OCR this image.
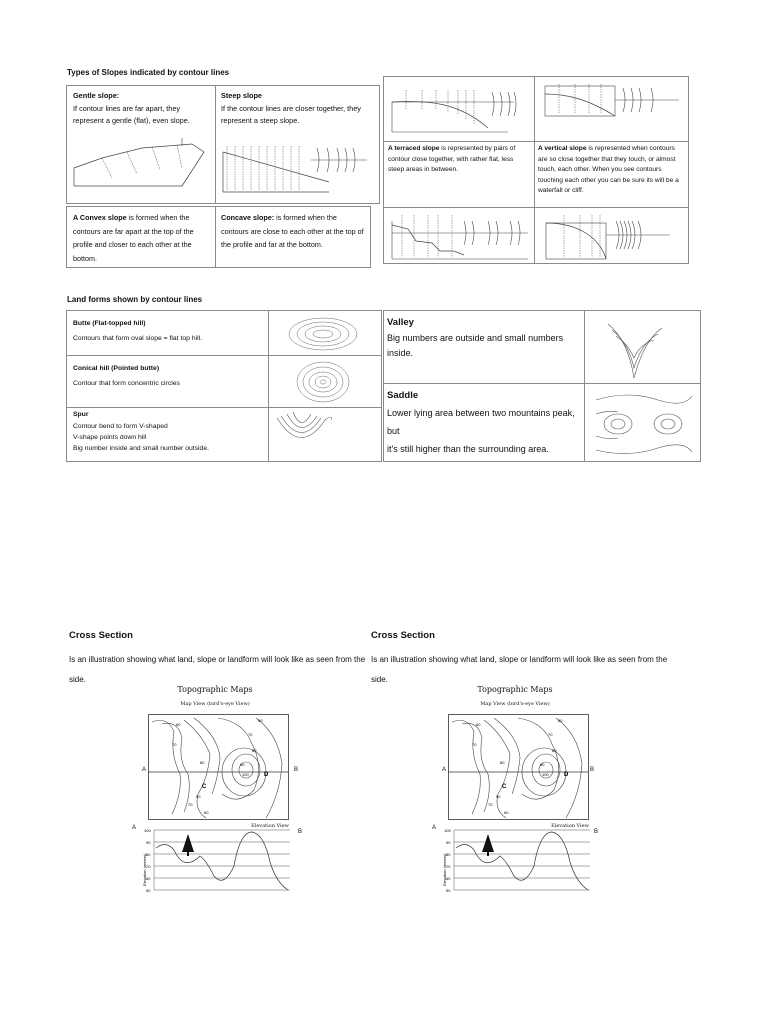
Types of Slopes indicated by contour lines
Gentle slope:
If contour lines are far apart, they represent a gentle (flat), even slope.
Steep slope
If the contour lines are closer together, they represent a steep slope.
A terraced slope is represented by pairs of contour close together, with rather flat, less steep areas in between.
A vertical slope is represented when contours are so close together that they touch, or almost touch, each other. When you see contours touching each other you can be sure its will be a waterfall or cliff.
A Convex slope is formed when the contours are far apart at the top of the profile and closer to each other at the bottom.
Concave slope: is formed when the contours are close to each other at the top of the profile and far at the bottom.
Land forms shown by contour lines
Butte (Flat-topped hill)
Contours that form oval slope = flat top hill.
Conical hill (Pointed butte)
Contour that form concentric circles
Spur
Contour bend to form V-shaped
V-shape points down hill
Big number inside and small number outside.
Valley
Big numbers are outside and small numbers inside.
Saddle
Lower lying area between two mountains peak, but
it's still higher than the surrounding area.
Cross Section
Is an illustration showing what land, slope or landform will look like as seen from the
side.
Topographic Maps
Map View (bird's-eye View)
60
70
80
90
100
60
70
80
70
60
50
C
D
A	B
Elevation View
A
B
Elevation (meters)
100
90
80
70
60
50
Cross Section
Is an illustration showing what land, slope or landform will look like as seen from the
side.
Topographic Maps
Map View (bird's-eye View)
60
70
80
90
100
60
70
80
70
60
50
C
D
A	B
Elevation View
A
B
Elevation (meters)
100
90
80
70
60
50
